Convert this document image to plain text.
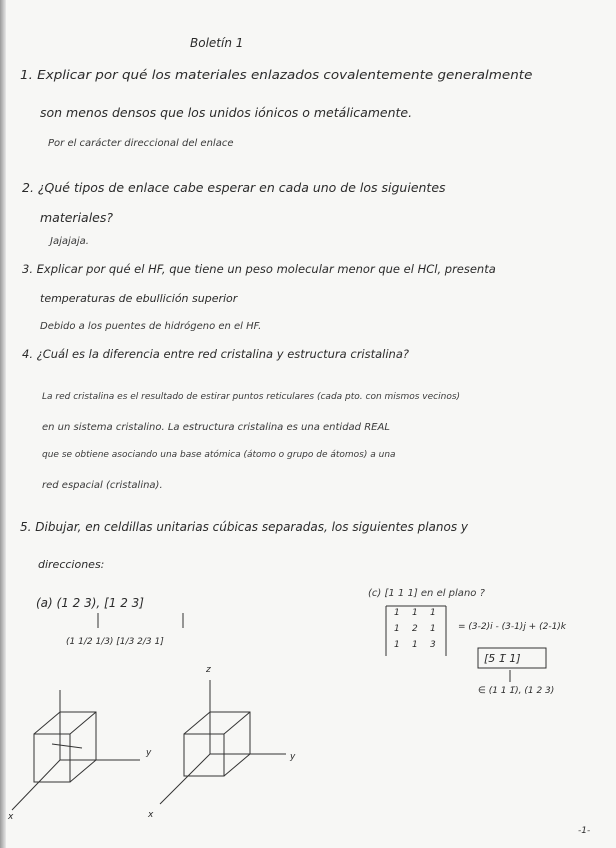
Boletín 1
1. Explicar por qué los materiales enlazados covalentemente generalmente
son menos densos que los unidos iónicos o metálicamente.
Por el carácter direccional del enlace
2. ¿Qué tipos de enlace cabe esperar en cada uno de los siguientes
materiales?
Jajajaja.
3. Explicar por qué el HF, que tiene un peso molecular menor que el HCl, presenta
temperaturas de ebullición superior
Debido a los puentes de hidrógeno en el HF.
4. ¿Cuál es la diferencia entre red cristalina y estructura cristalina?
La red cristalina es el resultado de estirar puntos reticulares (cada pto. con mismos vecinos)
en un sistema cristalino. La estructura cristalina es una entidad REAL
que se obtiene asociando una base atómica (átomo o grupo de átomos) a una
red espacial (cristalina).
5. Dibujar, en celdillas unitarias cúbicas separadas, los siguientes planos y
direcciones:
(a) (1 2 3), [1 2 3]
(1 1/2 1/3) [1/3 2/3 1]
(c) [1 1 1] en el plano ?
1 1 1
1 2 1
1 1 3
= (3-2)i - (3-1)j + (2-1)k
[5 1̄ 1]
∈ (1 1 1̄), (1 2 3)
y	y
z
x	x
-1-
